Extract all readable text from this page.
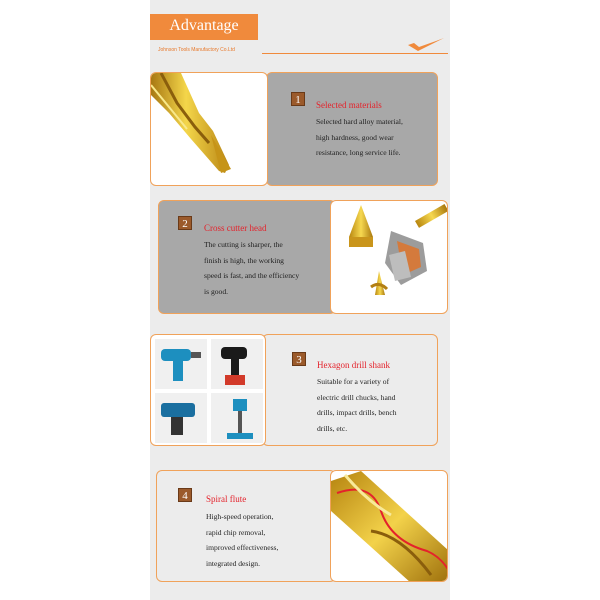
Advantage
Johnson Tools Manufactory Co.Ltd
1	Selected materials
Selected hard alloy material,
high hardness, good wear
resistance, long service life.
2	Cross cutter head
The cutting is sharper, the
finish is high, the working
speed is fast, and the efficiency
is good.
3	Hexagon drill shank
Suitable for a variety of
electric drill chucks, hand
drills, impact drills, bench
drills, etc.
4	Spiral flute
High-speed operation,
rapid chip removal,
improved effectiveness,
integrated design.
